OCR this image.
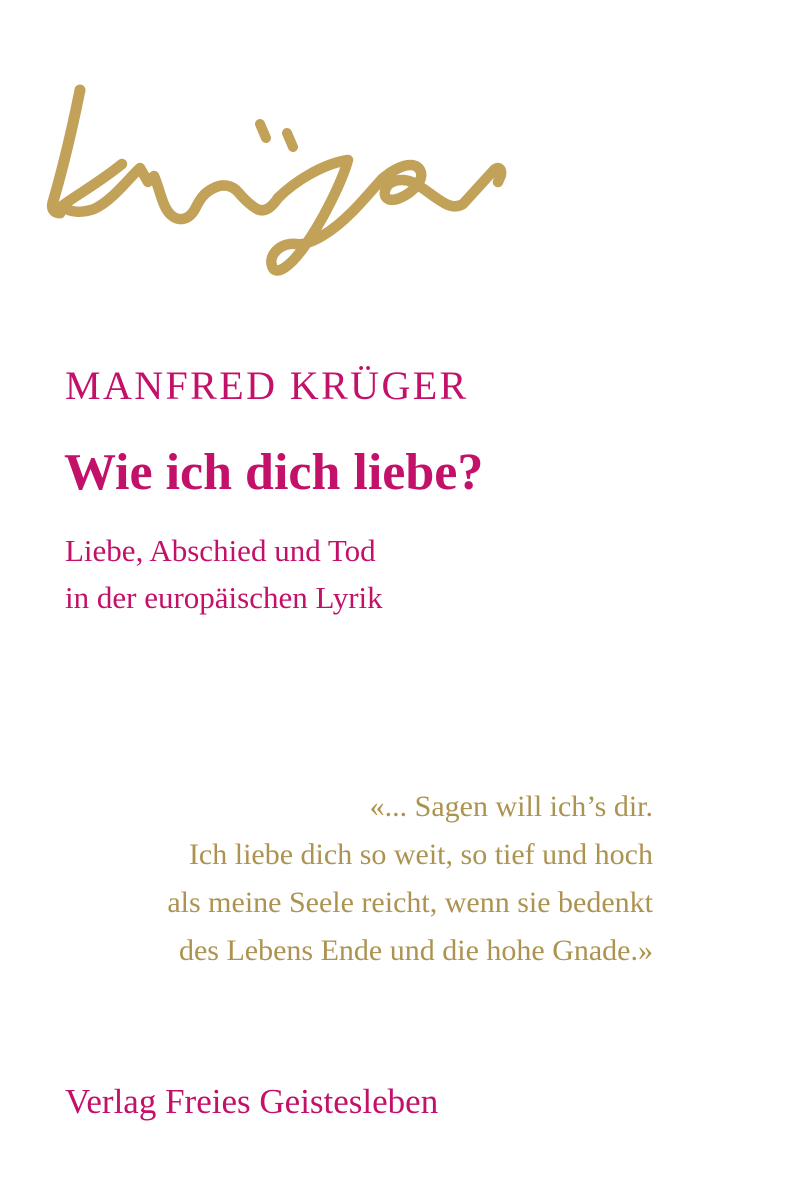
MANFRED KRÜGER
Wie ich dich liebe?
Liebe, Abschied und Tod
in der europäischen Lyrik
«... Sagen will ich’s dir.
Ich liebe dich so weit, so tief und hoch
als meine Seele reicht, wenn sie bedenkt
des Lebens Ende und die hohe Gnade.»
Verlag Freies Geistesleben
